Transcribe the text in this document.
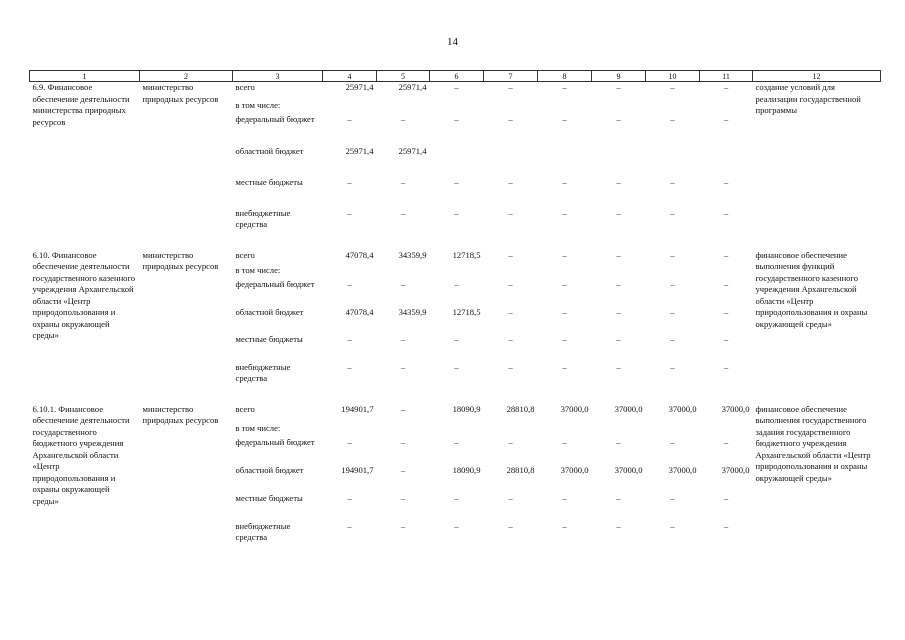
14
1	2	3	4	5	6	7	8	9	10	11	12
6.9. Финансовое обеспечение деятельности министерства природных ресурсов	министерство природных ресурсов	всего	25971,4	25971,4	–	–	–	–	–	–	создание условий для реализации государственной программы
		в том числе:									
		федеральный бюджет	–	–	–	–	–	–	–	–	
		областной бюджет	25971,4	25971,4							
		местные бюджеты	–	–	–	–	–	–	–	–	
		внебюджетные средства	–	–	–	–	–	–	–	–	

6.10. Финансовое обеспечение деятельности государственного казенного учреждения Архангельской области «Центр природопользования и охраны окружающей среды»	министерство природных ресурсов	всего	47078,4	34359,9	12718,5	–	–	–	–	–	финансовое обеспечение выполнения функций государственного казенного учреждения Архангельской области «Центр природопользования и охраны окружающей среды»
		в том числе:									
		федеральный бюджет	–	–	–	–	–	–	–	–	
		областной бюджет	47078,4	34359,9	12718,5	–	–	–	–	–	
		местные бюджеты	–	–	–	–	–	–	–	–	
		внебюджетные средства	–	–	–	–	–	–	–	–	

6.10.1. Финансовое обеспечение деятельности государственного бюджетного учреждения Архангельской области «Центр природопользования и охраны окружающей среды»	министерство природных ресурсов	всего	194901,7	–	18090,9	28810,8	37000,0	37000,0	37000,0	37000,0	финансовое обеспечение выполнения государственного задания государственного бюджетного учреждения Архангельской области «Центр природопользования и охраны окружающей среды»
		в том числе:									
		федеральный бюджет	–	–	–	–	–	–	–	–	
		областной бюджет	194901,7	–	18090,9	28810,8	37000,0	37000,0	37000,0	37000,0	
		местные бюджеты	–	–	–	–	–	–	–	–	
		внебюджетные средства	–	–	–	–	–	–	–	–	
